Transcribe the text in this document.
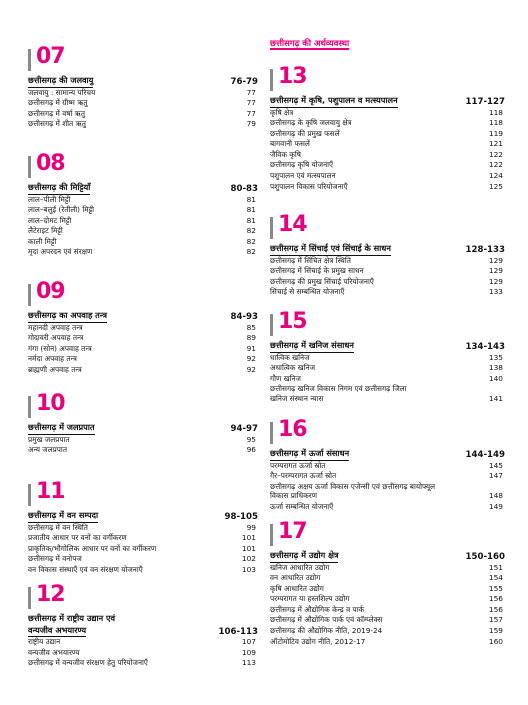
07
छत्तीसगढ़ की जलवायु	76-79
जलवायु : सामान्य परिचय	77
छत्तीसगढ़ में ग्रीष्म ऋतु	77
छत्तीसगढ़ में वर्षा ऋतु	77
छत्तीसगढ़ में शीत ऋतु	79
08
छत्तीसगढ़ की मिट्टियाँ	80-83
लाल–पीली मिट्टी	81
लाल–बलुई (रेतीली) मिट्टी	81
लाल–दोमट मिट्टी	81
लैटेराइट मिट्टी	82
काली मिट्टी	82
मृदा अपरदन एवं संरक्षण	82
09
छत्तीसगढ़ का अपवाह तन्त्र	84-93
महानदी अपवाह तन्त्र	85
गोदावरी अपवाह तन्त्र	89
गंगा (सोन) अपवाह तन्त्र	91
नर्मदा अपवाह तन्त्र	92
ब्राह्मणी अपवाह तन्त्र	92
10
छत्तीसगढ़ में जलप्रपात	94-97
प्रमुख जलप्रपात	95
अन्य जलप्रपात	96
11
छत्तीसगढ़ में वन सम्पदा	98-105
छत्तीसगढ़ में वन स्थिति	99
प्रजातीय आधार पर वनों का वर्गीकरण	101
प्राकृतिक/भौगोलिक आधार पर वनों का वर्गीकरण	101
छत्तीसगढ़ में वनोपज	102
वन विकास संस्थाएँ एवं वन संरक्षण योजनाएँ	103
12
छत्तीसगढ़ में राष्ट्रीय उद्यान एवं
वन्यजीव अभयारण्य	106-113
राष्ट्रीय उद्यान	107
वन्यजीव अभयारण्य	109
छत्तीसगढ़ में वन्यजीव संरक्षण हेतु परियोजनाएँ	113
छत्तीसगढ़ की अर्थव्यवस्था
13
छत्तीसगढ़ में कृषि, पशुपालन व मत्स्यपालन	117-127
कृषि क्षेत्र	118
छत्तीसगढ़ के कृषि जलवायु क्षेत्र	118
छत्तीसगढ़ की प्रमुख फसलें	119
बागवानी फसलें	121
जैविक कृषि	122
छत्तीसगढ़ कृषि योजनाएँ	122
पशुपालन एवं मत्स्यपालन	124
पशुपालन विकास परियोजनाएँ	125
14
छत्तीसगढ़ में सिंचाई एवं सिंचाई के साधन	128-133
छत्तीसगढ़ में सिंचित क्षेत्र स्थिति	129
छत्तीसगढ़ में सिंचाई के प्रमुख साधन	129
छत्तीसगढ़ की प्रमुख सिंचाई परियोजनाएँ	129
सिंचाई से सम्बन्धित योजनाएँ	133
15
छत्तीसगढ़ में खनिज संसाधन	134-143
धात्विक खनिज	135
अधात्विक खनिज	138
गौण खनिज	140
छत्तीसगढ़ खनिज विकास निगम एवं छत्तीसगढ़ जिला
खनिज संस्थान न्यास	141
16
छत्तीसगढ़ में ऊर्जा संसाधन	144-149
परम्परागत ऊर्जा स्रोत	145
गैर–परम्परागत ऊर्जा स्रोत	147
छत्तीसगढ़ अक्षय ऊर्जा विकास एजेन्सी एवं छत्तीसगढ़ बायोफ्यूल
विकास प्राधिकरण	148
ऊर्जा सम्बन्धित योजनाएँ	149
17
छत्तीसगढ़ में उद्योग क्षेत्र	150-160
खनिज आधारित उद्योग	151
वन आधारित उद्योग	154
कृषि आधारित उद्योग	155
परम्परागत या हस्तशिल्प उद्योग	156
छत्तीसगढ़ में औद्योगिक केन्द्र व पार्क	156
छत्तीसगढ़ में औद्योगिक पार्क एवं कॉम्प्लेक्स	157
छत्तीसगढ़ की औद्योगिक नीति, 2019-24	159
ऑटोमोटिव उद्योग नीति, 2012-17	160
